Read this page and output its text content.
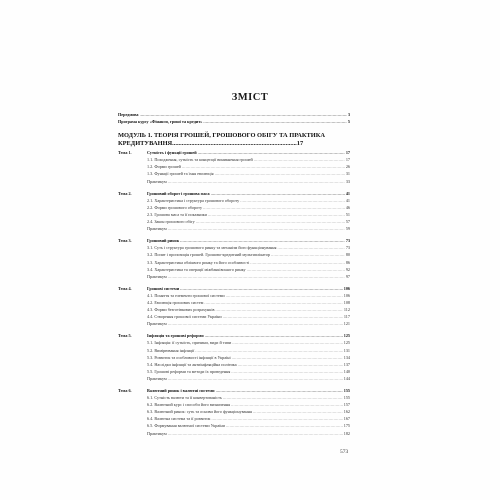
ЗМІСТ
Передмова .....	3
Програма курсу «Фінанси, гроші та кредит» .....	5
МОДУЛЬ 1. ТЕОРІЯ ГРОШЕЙ, ГРОШОВОГО ОБІГУ ТА ПРАКТИКА КРЕДИТУВАННЯ..............................................................................17
Тема 1.	Сутність і функції грошей .....	17
1.1. Походження, сутність та концепції виникнення грошей .....	17
1.2. Форми грошей .....	26
1.3. Функції грошей та їхня еволюція .....	31
Практикум .....	33
Тема 2.	Грошовий оборот і грошова маса .....	41
2.1. Характеристика і структура грошового обороту .....	41
2.2. Форми грошового обороту .....	46
2.3. Грошова маса та її показники .....	51
2.4. Закон грошового обігу .....	57
Практикум .....	59
Тема 3.	Грошовий ринок .....	73
3.1. Суть і структура грошового ринку та механізм його функціонування .....	73
3.2. Попит і пропозиція грошей. Грошово-кредитний мультиплікатор .....	80
3.3. Характеристика обліквого ринку та його особливості .....	86
3.4. Характеристика та операції міжбанківського ринку .....	92
Практикум .....	97
Тема 4.	Грошові системи .....	106
4.1. Поняття та елементи грошової системи .....	106
4.2. Еволюція грошових систем .....	108
4.3. Форми безготівкових розрахунків .....	112
4.4. Створення грошової системи України .....	117
Практикум .....	121
Тема 5.	Інфляція та грошові реформи .....	125
5.1. Інфляція: її сутність, причини, види й типи .....	125
5.2. Вимірювання інфляції .....	131
5.3. Розвиток та особливості інфляції в Україні .....	134
5.4. Наслідки інфляції та антиінфляційна політика .....	137
5.5. Грошові реформи та методи їх проведення .....	140
Практикум .....	144
Тема 6.	Валютний ринок і валютні системи .....	155
6.1. Сутність валюти та її конвертованість .....	155
6.2. Валютний курс і способи його визначення .....	157
6.3. Валютний ринок: суть та основи його функціонування .....	162
6.4. Валютна система та її розвиток .....	167
6.5. Формування валютної системи України .....	175
Практикум .....	182
573
